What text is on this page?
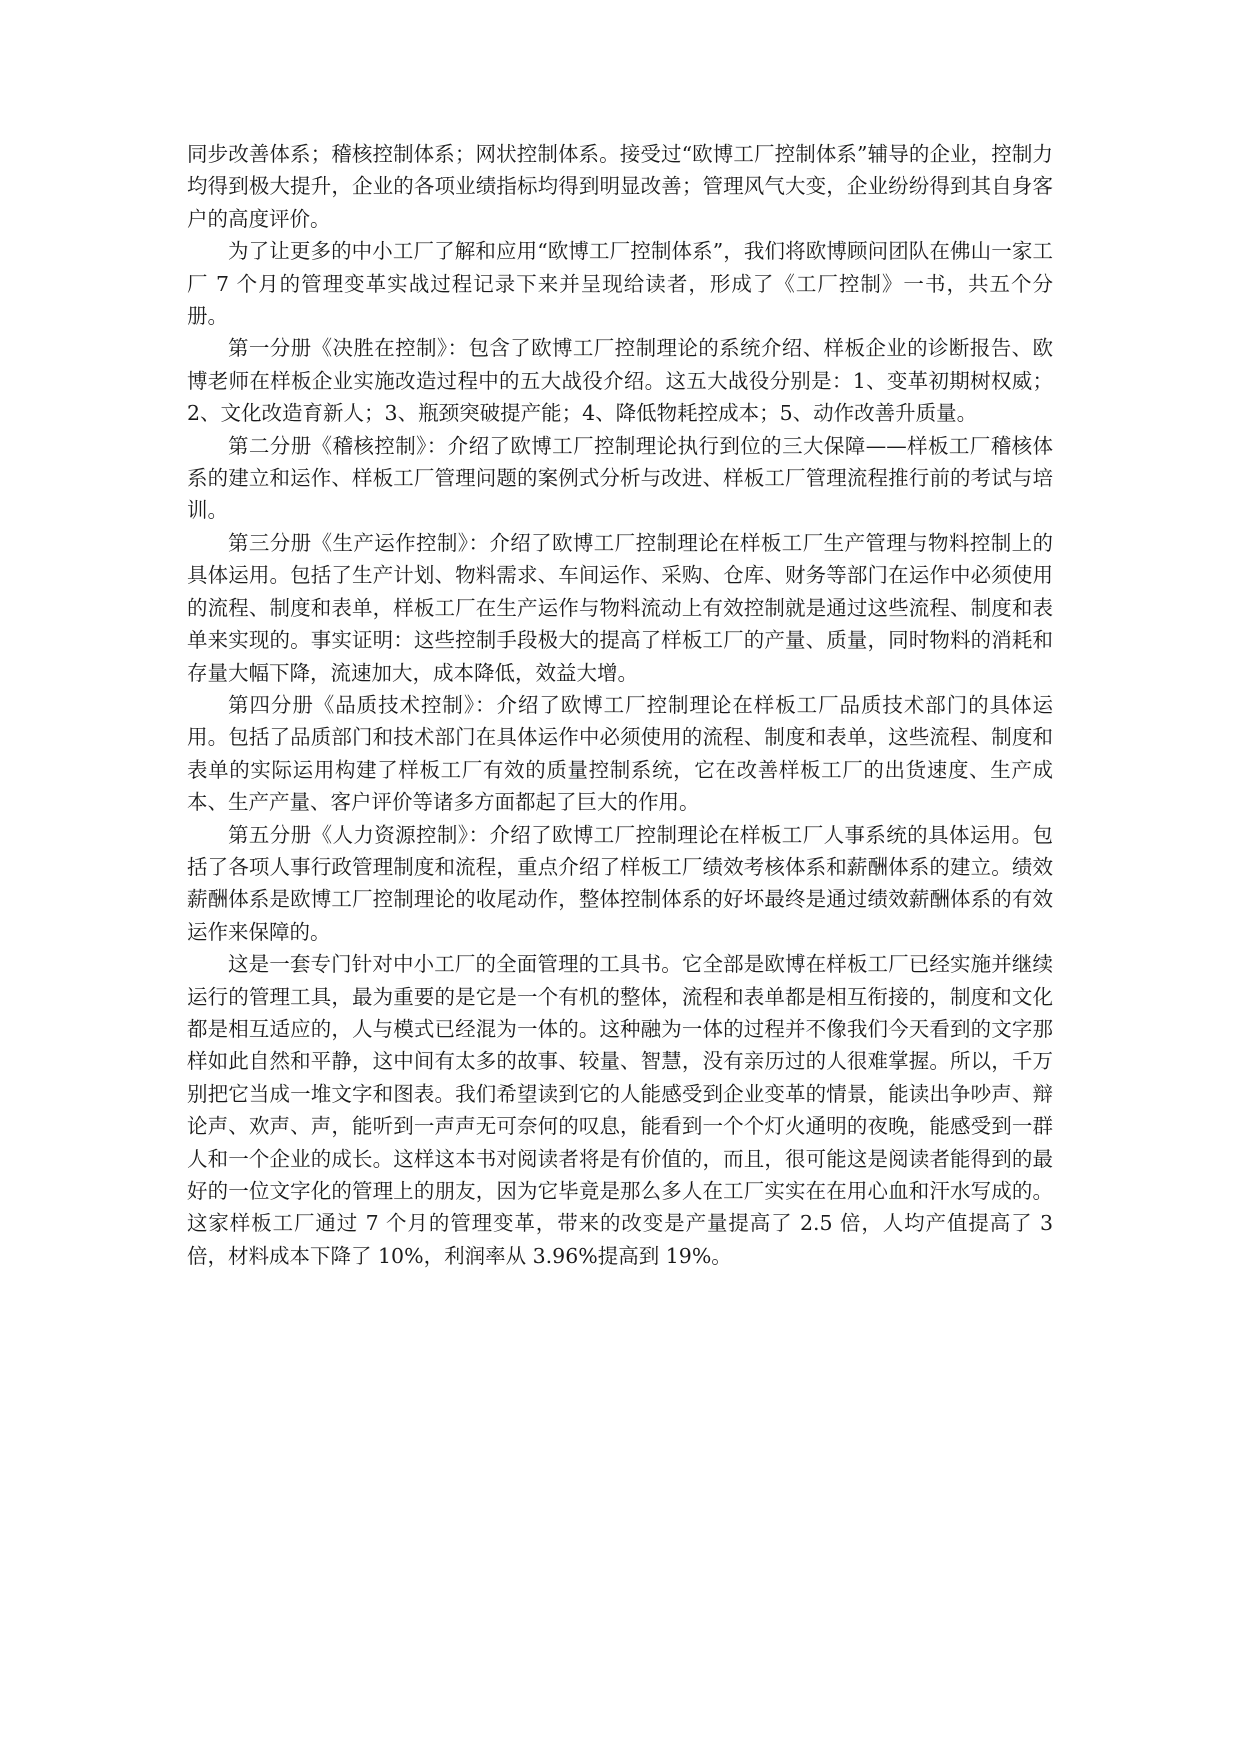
同步改善体系；稽核控制体系；网状控制体系。接受过“欧博工厂控制体系”辅导的企业，控制力均得到极大提升，企业的各项业绩指标均得到明显改善；管理风气大变，企业纷纷得到其自身客户的高度评价。

为了让更多的中小工厂了解和应用“欧博工厂控制体系”，我们将欧博顾问团队在佛山一家工厂 7 个月的管理变革实战过程记录下来并呈现给读者，形成了《工厂控制》一书，共五个分册。

第一分册《决胜在控制》：包含了欧博工厂控制理论的系统介绍、样板企业的诊断报告、欧博老师在样板企业实施改造过程中的五大战役介绍。这五大战役分别是：1、变革初期树权威；2、文化改造育新人；3、瓶颈突破提产能；4、降低物耗控成本；5、动作改善升质量。

第二分册《稽核控制》：介绍了欧博工厂控制理论执行到位的三大保障——样板工厂稽核体系的建立和运作、样板工厂管理问题的案例式分析与改进、样板工厂管理流程推行前的考试与培训。

第三分册《生产运作控制》：介绍了欧博工厂控制理论在样板工厂生产管理与物料控制上的具体运用。包括了生产计划、物料需求、车间运作、采购、仓库、财务等部门在运作中必须使用的流程、制度和表单，样板工厂在生产运作与物料流动上有效控制就是通过这些流程、制度和表单来实现的。事实证明：这些控制手段极大的提高了样板工厂的产量、质量，同时物料的消耗和存量大幅下降，流速加大，成本降低，效益大增。

第四分册《品质技术控制》：介绍了欧博工厂控制理论在样板工厂品质技术部门的具体运用。包括了品质部门和技术部门在具体运作中必须使用的流程、制度和表单，这些流程、制度和表单的实际运用构建了样板工厂有效的质量控制系统，它在改善样板工厂的出货速度、生产成本、生产产量、客户评价等诸多方面都起了巨大的作用。

第五分册《人力资源控制》：介绍了欧博工厂控制理论在样板工厂人事系统的具体运用。包括了各项人事行政管理制度和流程，重点介绍了样板工厂绩效考核体系和薪酬体系的建立。绩效薪酬体系是欧博工厂控制理论的收尾动作，整体控制体系的好坏最终是通过绩效薪酬体系的有效运作来保障的。

这是一套专门针对中小工厂的全面管理的工具书。它全部是欧博在样板工厂已经实施并继续运行的管理工具，最为重要的是它是一个有机的整体，流程和表单都是相互衔接的，制度和文化都是相互适应的，人与模式已经混为一体的。这种融为一体的过程并不像我们今天看到的文字那样如此自然和平静，这中间有太多的故事、较量、智慧，没有亲历过的人很难掌握。所以，千万别把它当成一堆文字和图表。我们希望读到它的人能感受到企业变革的情景，能读出争吵声、辩论声、欢声、声，能听到一声声无可奈何的叹息，能看到一个个灯火通明的夜晚，能感受到一群人和一个企业的成长。这样这本书对阅读者将是有价值的，而且，很可能这是阅读者能得到的最好的一位文字化的管理上的朋友，因为它毕竟是那么多人在工厂实实在在用心血和汗水写成的。 这家样板工厂通过 7 个月的管理变革，带来的改变是产量提高了 2.5 倍，人均产值提高了 3 倍，材料成本下降了 10%，利润率从 3.96%提高到 19%。
